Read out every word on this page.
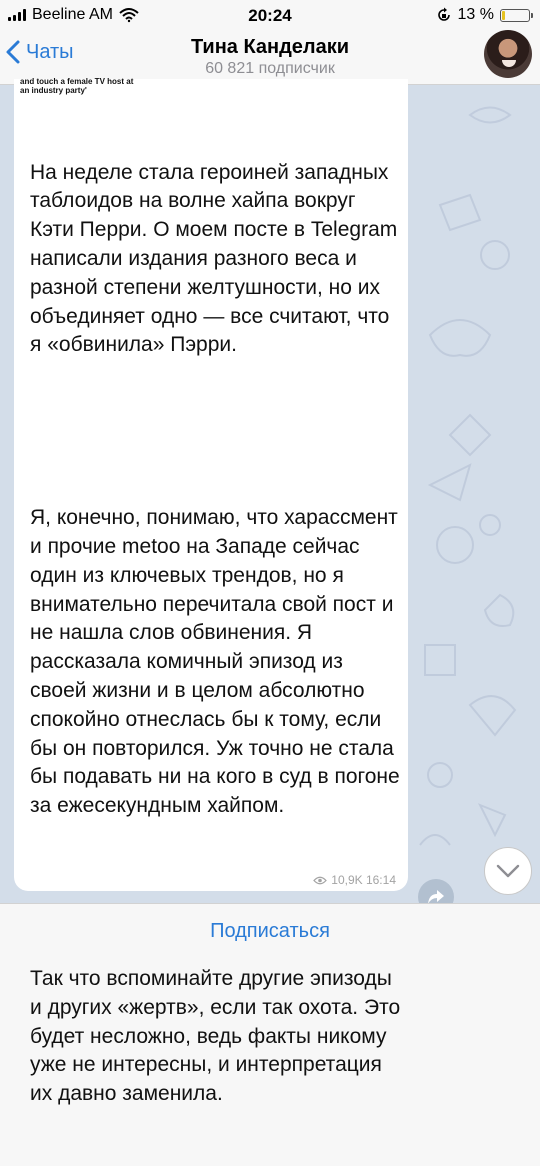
Beeline AM	20:24	13 %
Чаты	Тина Канделаки
60 821 подписчик
and touch a female TV host at an industry party'

На неделе стала героиней западных таблоидов на волне хайпа вокруг Кэти Перри. О моем посте в Telegram написали издания разного веса и разной степени желтушности, но их объединяет одно — все считают, что я «обвинила» Пэрри.

Я, конечно, понимаю, что харассмент и прочие metoo на Западе сейчас один из ключевых трендов, но я внимательно перечитала свой пост и не нашла слов обвинения. Я рассказала комичный эпизод из своей жизни и в целом абсолютно спокойно отнеслась бы к тому, если бы он повторился. Уж точно не стала бы подавать ни на кого в суд в погоне за ежесекундным хайпом.

Так что вспоминайте другие эпизоды и других «жертв», если так охота. Это будет несложно, ведь факты никому уже не интересны, и интерпретация их давно заменила.

10,9K 16:14
Подписаться
